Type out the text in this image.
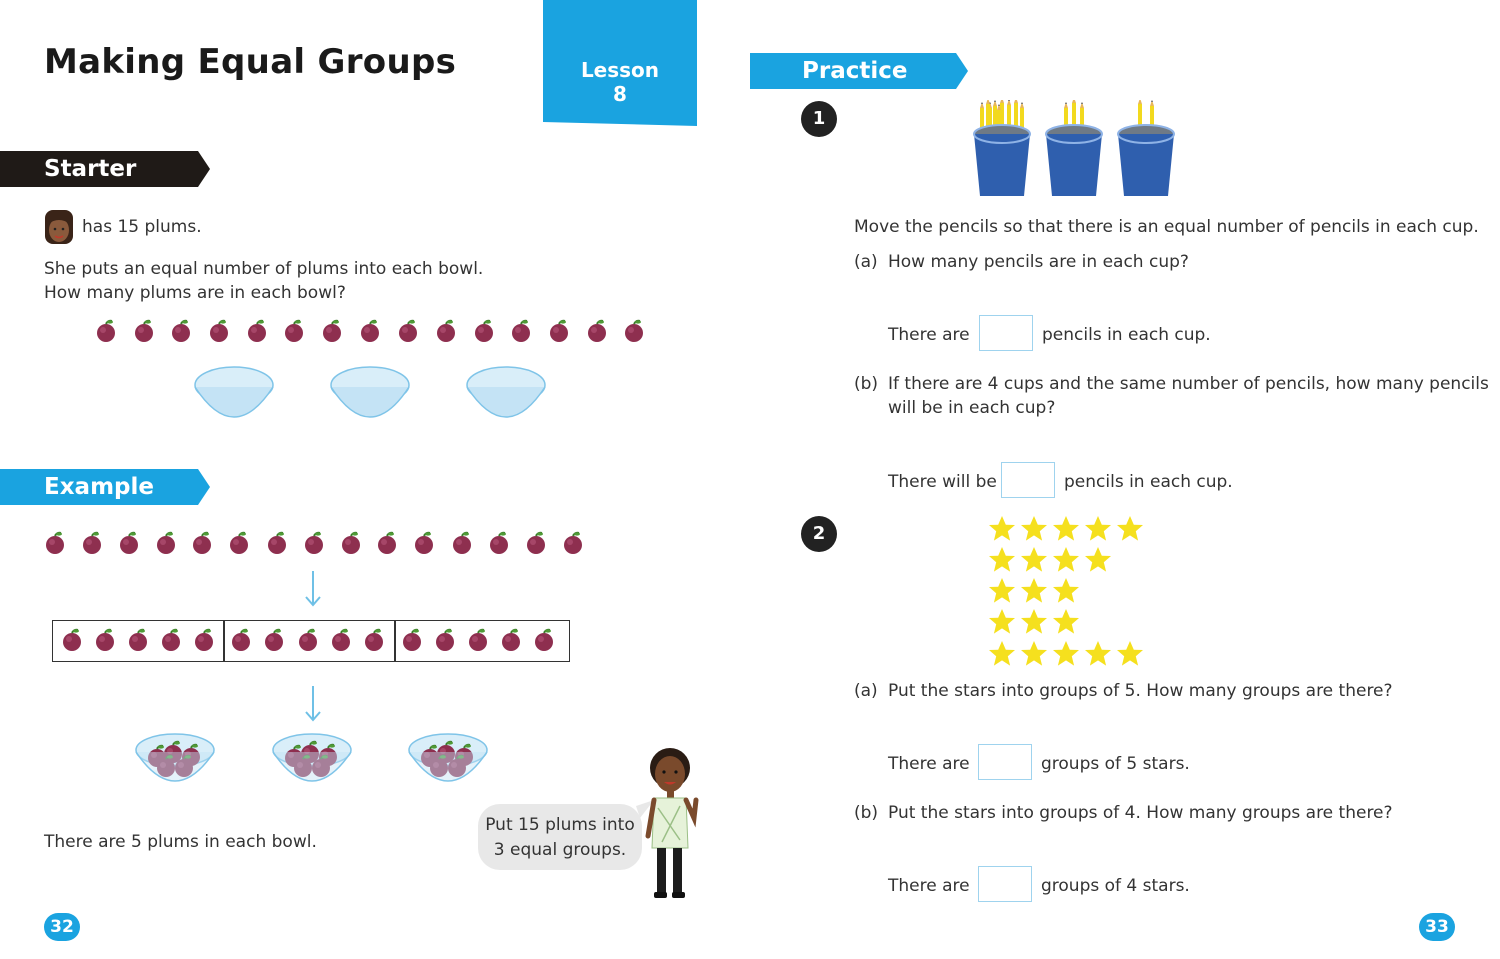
Making Equal Groups	Lesson
8
Starter
has 15 plums.
She puts an equal number of plums into each bowl.
How many plums are in each bowl?
Example
There are 5 plums in each bowl.
Put 15 plums into
3 equal groups.
32
Practice
1
Move the pencils so that there is an equal number of pencils in each cup.
(a) How many pencils are in each cup?
There are	pencils in each cup.
(b) If there are 4 cups and the same number of pencils, how many pencils
will be in each cup?
There will be	pencils in each cup.
2
(a) Put the stars into groups of 5. How many groups are there?
There are	groups of 5 stars.
(b) Put the stars into groups of 4. How many groups are there?
There are	groups of 4 stars.
33
